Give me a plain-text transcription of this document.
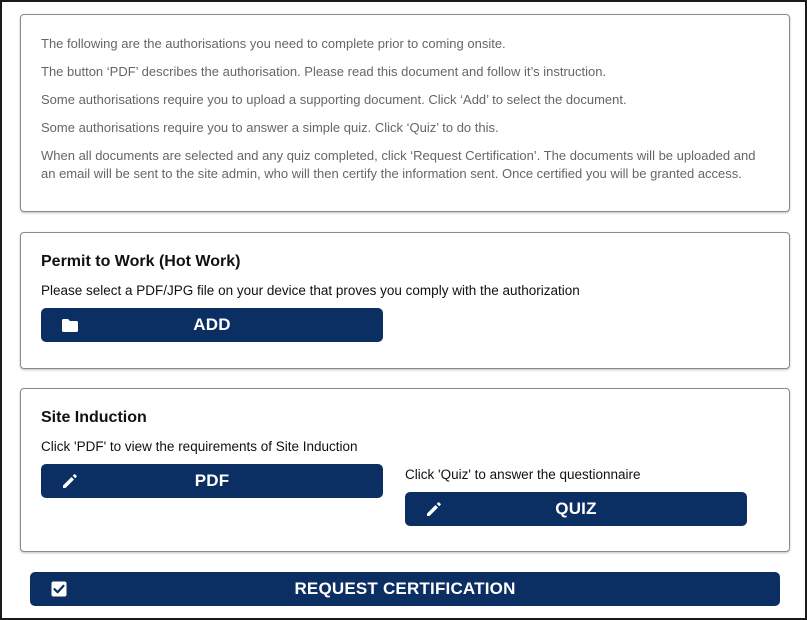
The following are the authorisations you need to complete prior to coming onsite.

The button ‘PDF’ describes the authorisation. Please read this document and follow it’s instruction.

Some authorisations require you to upload a supporting document. Click ‘Add’ to select the document.

Some authorisations require you to answer a simple quiz. Click ‘Quiz’ to do this.

When all documents are selected and any quiz completed, click ‘Request Certification’. The documents will be uploaded and an email will be sent to the site admin, who will then certify the information sent. Once certified you will be granted access.

Permit to Work (Hot Work)
Please select a PDF/JPG file on your device that proves you comply with the authorization
ADD
Site Induction
Click 'PDF' to view the requirements of Site Induction
PDF	Click 'Quiz' to answer the questionnaire
QUIZ
REQUEST CERTIFICATION
